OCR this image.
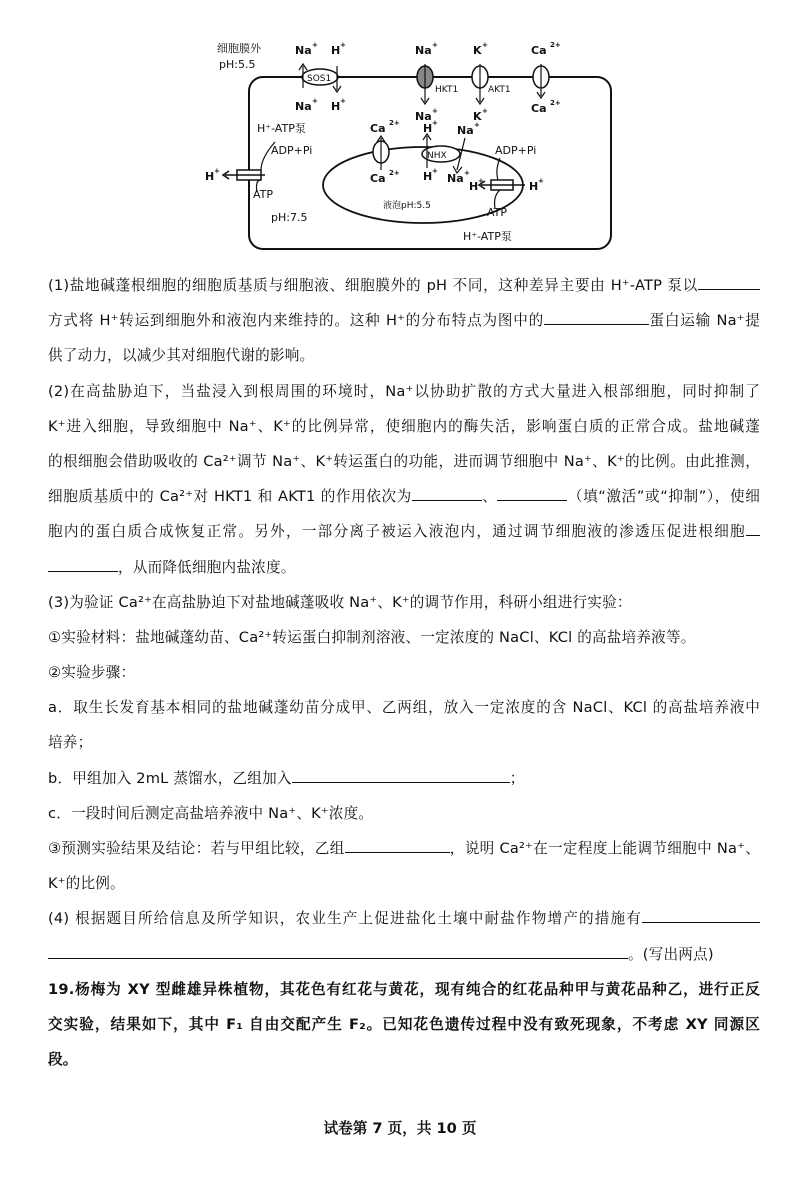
细胞膜外
pH:5.5
SOS1
Na + H +
Na + H +
HKT1
Na +
Na +
AKT1
K +
K +
Ca 2+
Ca 2+
H⁺-ATP泵
ADP+Pi
ATP
H +
pH:7.5
液泡pH:5.5
Ca 2+
Ca 2+
NHX
H +
H +
Na +
Na +
ADP+Pi
H +	H +
ATP
H⁺-ATP泵

(1)盐地碱蓬根细胞的细胞质基质与细胞液、细胞膜外的 pH 不同，这种差异主要由 H⁺-ATP 泵以

方式将 H⁺转运到细胞外和液泡内来维持的。这种 H⁺的分布特点为图中的	蛋白运输 Na⁺提

供了动力，以减少其对细胞代谢的影响。

(2)在高盐胁迫下，当盐浸入到根周围的环境时，Na⁺以协助扩散的方式大量进入根部细胞，同时抑制了

K⁺进入细胞，导致细胞中 Na⁺、K⁺的比例异常，使细胞内的酶失活，影响蛋白质的正常合成。盐地碱蓬

的根细胞会借助吸收的 Ca²⁺调节 Na⁺、K⁺转运蛋白的功能，进而调节细胞中 Na⁺、K⁺的比例。由此推测，

细胞质基质中的 Ca²⁺对 HKT1 和 AKT1 的作用依次为	、	（填“激活”或“抑制”），使细

胞内的蛋白质合成恢复正常。另外，一部分离子被运入液泡内，通过调节细胞液的渗透压促进根细胞

，从而降低细胞内盐浓度。

(3)为验证 Ca²⁺在高盐胁迫下对盐地碱蓬吸收 Na⁺、K⁺的调节作用，科研小组进行实验：

①实验材料：盐地碱蓬幼苗、Ca²⁺转运蛋白抑制剂溶液、一定浓度的 NaCl、KCl 的高盐培养液等。

②实验步骤：

a．取生长发育基本相同的盐地碱蓬幼苗分成甲、乙两组，放入一定浓度的含 NaCl、KCl 的高盐培养液中

培养；

b．甲组加入 2mL 蒸馏水，乙组加入	；

c．一段时间后测定高盐培养液中 Na⁺、K⁺浓度。

③预测实验结果及结论：若与甲组比较，乙组	，说明 Ca²⁺在一定程度上能调节细胞中 Na⁺、

K⁺的比例。

(4) 根据题目所给信息及所学知识，农业生产上促进盐化土壤中耐盐作物增产的措施有

。(写出两点)

19.杨梅为 XY 型雌雄异株植物，其花色有红花与黄花，现有纯合的红花品种甲与黄花品种乙，进行正反

交实验，结果如下，其中 F₁ 自由交配产生 F₂。已知花色遗传过程中没有致死现象，不考虑 XY 同源区

段。

试卷第 7 页，共 10 页
